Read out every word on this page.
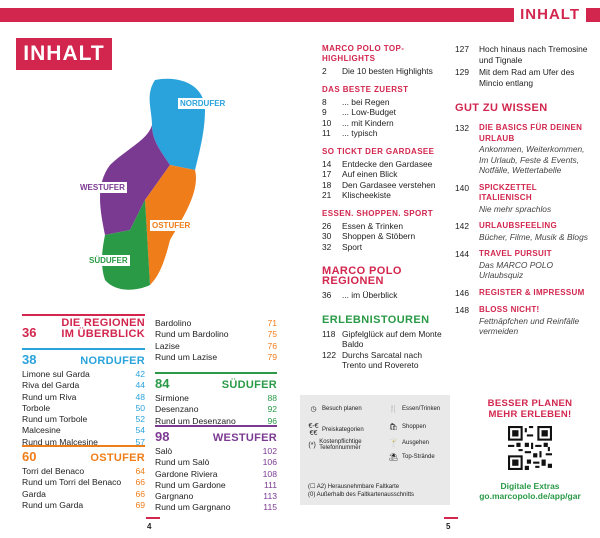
INHALT
INHALT
NORDUFER
WESTUFER
OSTUFER
SÜDUFER
36
DIE REGIONEN IM ÜBERBLICK
38	NORDUFER
Limone sul Garda	42
Riva del Garda	44
Rund um Riva	48
Torbole	50
Rund um Torbole	52
Malcesine	54
Rund um Malcesine	57
60	OSTUFER
Torri del Benaco	64
Rund um Torri del Benaco 66
Garda	66
Rund um Garda	69
Bardolino	71
Rund um Bardolino	75
Lazise	76
Rund um Lazise	79
84	SÜDUFER
Sirmione	88
Desenzano	92
Rund um Desenzano	96
98	WESTUFER
Salò	102
Rund um Salò	106
Gardone Riviera	108
Rund um Gardone	111
Gargnano	113
Rund um Gargnano	115
MARCO POLO TOP-HIGHLIGHTS
2	Die 10 besten Highlights
DAS BESTE ZUERST
8	... bei Regen
9	... Low-Budget
10	... mit Kindern
11	... typisch
SO TICKT DER GARDASEE
14	Entdecke den Gardasee
17	Auf einen Blick
18	Den Gardasee verstehen
21	Klischeekiste
ESSEN. SHOPPEN. SPORT
26	Essen & Trinken
30	Shoppen & Stöbern
32	Sport
MARCO POLO REGIONEN
36	... im Überblick
ERLEBNISTOUREN
118 Gipfelglück auf dem Monte Baldo
122 Durchs Sarcatal nach Trento und Rovereto
127	Hoch hinaus nach Tremosine und Tignale
129	Mit dem Rad am Ufer des Mincio entlang
GUT ZU WISSEN
132	DIE BASICS FÜR DEINEN URLAUB
Ankommen, Weiterkommen, Im Urlaub, Feste & Events, Notfälle, Wettertabelle
140	SPICKZETTEL ITALIENISCH
Nie mehr sprachlos
142	URLAUBSFEELING
Bücher, Filme, Musik & Blogs
144	TRAVEL PURSUIT
Das MARCO POLO Urlaubsquiz
146	REGISTER & IMPRESSUM
148	BLOSS NICHT!
Fettnäpfchen und Reinfälle vermeiden
◷ Besuch planen	🍴 Essen/Trinken
€-€€€ Preiskategorien	🛍 Shoppen
(*) Kostenpflichtige Telefonnummer
🍸 Ausgehen
⛱ Top-Strände
(☐ A2) Herausnehmbare Faltkarte
(0) Außerhalb des Faltkartenausschnitts
BESSER PLANEN
MEHR ERLEBEN!
Digitale Extras
go.marcopolo.de/app/gar
4	5
